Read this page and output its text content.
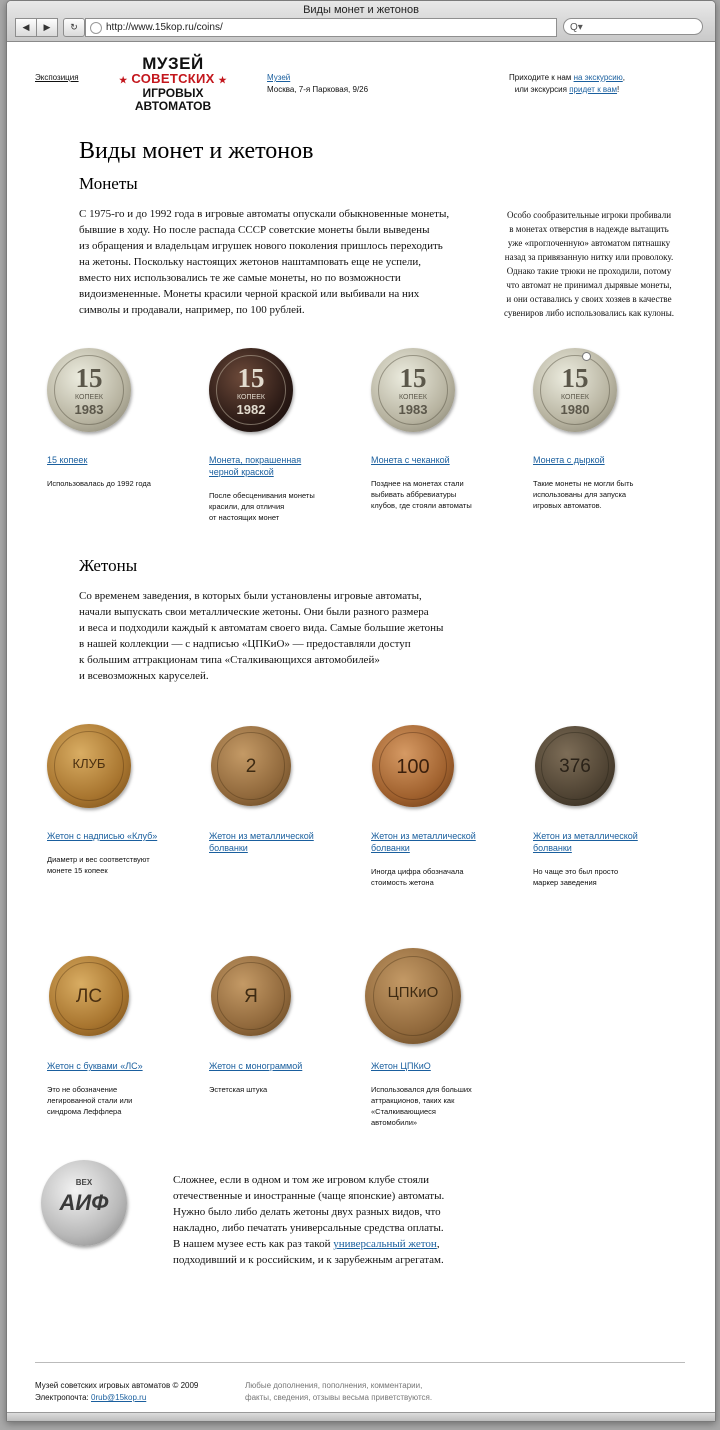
Виды монет и жетонов
◀	▶	↻	http://www.15kop.ru/coins/	Q▾
Экспозиция
МУЗЕЙ
★ СОВЕТСКИХ ★
ИГРОВЫХ
АВТОМАТОВ
Музей
Москва, 7-я Парковая, 9/26
Приходите к нам на экскурсию,
или экскурсия придет к вам!
Виды монет и жетонов
Монеты
С 1975-го и до 1992 года в игровые автоматы опускали обыкновенные монеты,
бывшие в ходу. Но после распада СССР советские монеты были выведены
из обращения и владельцам игрушек нового поколения пришлось переходить
на жетоны. Поскольку настоящих жетонов наштамповать еще не успели,
вместо них использовались те же самые монеты, но по возможности
видоизмененные. Монеты красили черной краской или выбивали на них
символы и продавали, например, по 100 рублей.
Особо сообразительные игроки пробивали
в монетах отверстия в надежде вытащить
уже «проглоченную» автоматом пятнашку
назад за привязанную нитку или проволоку.
Однако такие трюки не проходили, потому
что автомат не принимал дырявые монеты,
и они оставались у своих хозяев в качестве
сувениров либо использовались как кулоны.
15
КОПЕЕК
1983
15 копеек
Использовалась до 1992 года
15
КОПЕЕК
1982
Монета, покрашенная
черной краской
После обесценивания монеты
красили, для отличия
от настоящих монет
15
КОПЕЕК
1983
Монета с чеканкой
Позднее на монетах стали
выбивать аббревиатуры
клубов, где стояли автоматы
15
КОПЕЕК
1980
Монета с дыркой
Такие монеты не могли быть
использованы для запуска
игровых автоматов.
Жетоны
Со временем заведения, в которых были установлены игровые автоматы,
начали выпускать свои металлические жетоны. Они были разного размера
и веса и подходили каждый к автоматам своего вида. Самые большие жетоны
в нашей коллекции — с надписью «ЦПКиО» — предоставляли доступ
к большим аттракционам типа «Сталкивающихся автомобилей»
и всевозможных каруселей.
КЛУБ
Жетон с надписью «Клуб»
Диаметр и вес соответствуют
монете 15 копеек
2
Жетон из металлической
болванки
100
Жетон из металлической
болванки
Иногда цифра обозначала
стоимость жетона
376
Жетон из металлической
болванки
Но чаще это был просто
маркер заведения
ЛС
Жетон с буквами «ЛС»
Это не обозначение
легированной стали или
синдрома Леффлера
Я
Жетон с монограммой
Эстетская штука
ЦПКиО
Жетон ЦПКиО
Использовался для больших
аттракционов, таких как
«Сталкивающиеся
автомобили»
ВЕХ
АИФ
Сложнее, если в одном и том же игровом клубе стояли
отечественные и иностранные (чаще японские) автоматы.
Нужно было либо делать жетоны двух разных видов, что
накладно, либо печатать универсальные средства оплаты.
В нашем музее есть как раз такой универсальный жетон,
подходивший и к российским, и к зарубежным агрегатам.
Музей советских игровых автоматов © 2009
Электропочта: 0rub@15kop.ru
Любые дополнения, пополнения, комментарии,
факты, сведения, отзывы весьма приветствуются.
